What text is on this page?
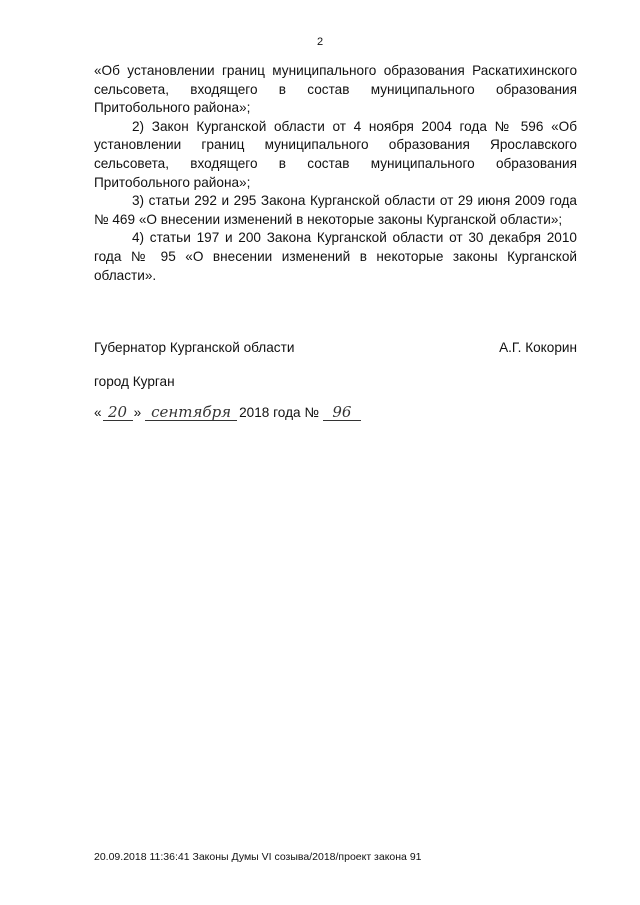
2

«Об установлении границ муниципального образования Раскатихинского сельсовета, входящего в состав муниципального образования Притобольного района»;

2) Закон Курганской области от 4 ноября 2004 года № 596 «Об установлении границ муниципального образования Ярославского сельсовета, входящего в состав муниципального образования Притобольного района»;

3) статьи 292 и 295 Закона Курганской области от 29 июня 2009 года № 469 «О внесении изменений в некоторые законы Курганской области»;

4) статьи 197 и 200 Закона Курганской области от 30 декабря 2010 года № 95 «О внесении изменений в некоторые законы Курганской области».

Губернатор Курганской области	А.Г. Кокорин
город Курган
« 20 » сентября 2018 года № 96
20.09.2018 11:36:41 Законы Думы VI созыва/2018/проект закона 91
